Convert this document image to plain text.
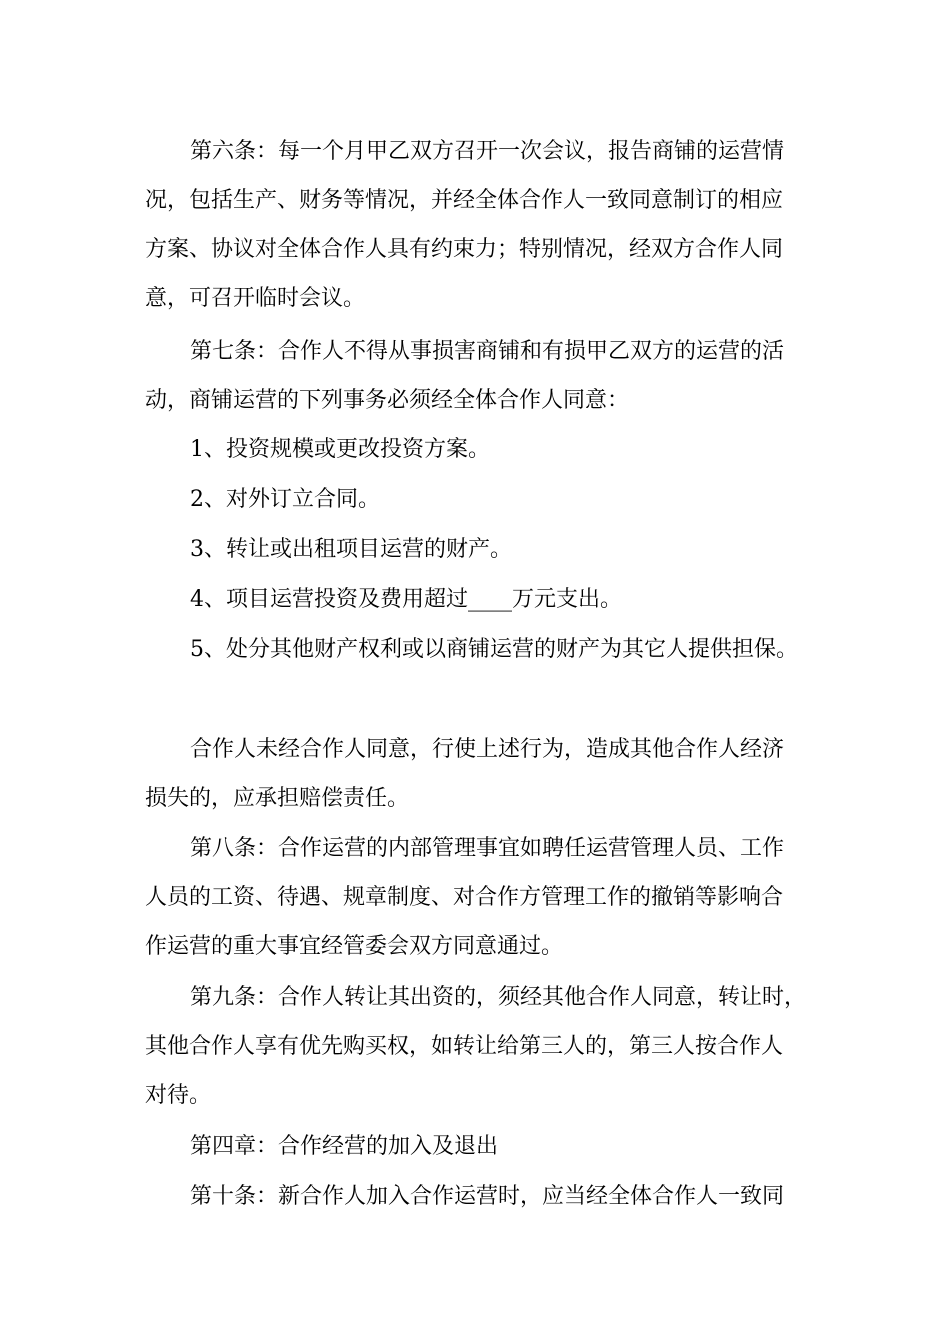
第六条：每一个月甲乙双方召开一次会议，报告商铺的运营情
况，包括生产、财务等情况，并经全体合作人一致同意制订的相应
方案、协议对全体合作人具有约束力；特别情况，经双方合作人同
意，可召开临时会议。
第七条：合作人不得从事损害商铺和有损甲乙双方的运营的活
动，商铺运营的下列事务必须经全体合作人同意：
1、投资规模或更改投资方案。
2、对外订立合同。
3、转让或出租项目运营的财产。
4、项目运营投资及费用超过____万元支出。
5、处分其他财产权利或以商铺运营的财产为其它人提供担保。
合作人未经合作人同意，行使上述行为，造成其他合作人经济
损失的，应承担赔偿责任。
第八条：合作运营的内部管理事宜如聘任运营管理人员、工作
人员的工资、待遇、规章制度、对合作方管理工作的撤销等影响合
作运营的重大事宜经管委会双方同意通过。
第九条：合作人转让其出资的，须经其他合作人同意，转让时，
其他合作人享有优先购买权，如转让给第三人的，第三人按合作人
对待。
第四章：合作经营的加入及退出
第十条：新合作人加入合作运营时，应当经全体合作人一致同
